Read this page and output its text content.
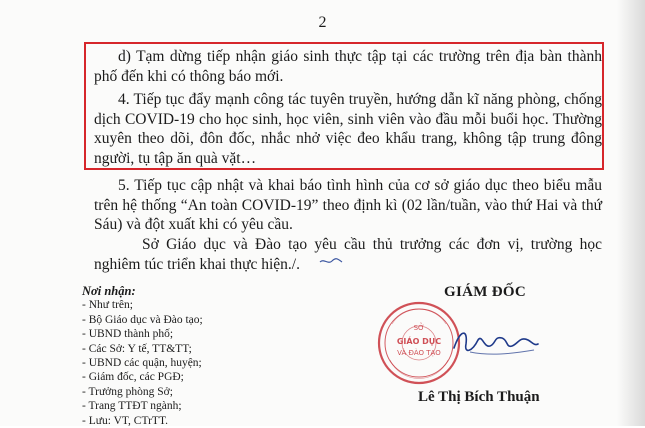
2
d) Tạm dừng tiếp nhận giáo sinh thực tập tại các trường trên địa bàn thành phố đến khi có thông báo mới.
4. Tiếp tục đẩy mạnh công tác tuyên truyền, hướng dẫn kĩ năng phòng, chống dịch COVID-19 cho học sinh, học viên, sinh viên vào đầu mỗi buổi học. Thường xuyên theo dõi, đôn đốc, nhắc nhở việc đeo khẩu trang, không tập trung đông người, tụ tập ăn quà vặt…
5. Tiếp tục cập nhật và khai báo tình hình của cơ sở giáo dục theo biểu mẫu trên hệ thống “An toàn COVID-19” theo định kì (02 lần/tuần, vào thứ Hai và thứ Sáu) và đột xuất khi có yêu cầu.
Sở Giáo dục và Đào tạo yêu cầu thủ trưởng các đơn vị, trường học nghiêm túc triển khai thực hiện./.
Nơi nhận:
- Như trên;
- Bộ Giáo dục và Đào tạo;
- UBND thành phố;
- Các Sở: Y tế, TT&TT;
- UBND các quận, huyện;
- Giám đốc, các PGĐ;
- Trưởng phòng Sở;
- Trang TTĐT ngành;
- Lưu: VT, CTrTT.
GIÁM ĐỐC
SỞ
GIÁO DỤC
VÀ ĐÀO TẠO
Lê Thị Bích Thuận
